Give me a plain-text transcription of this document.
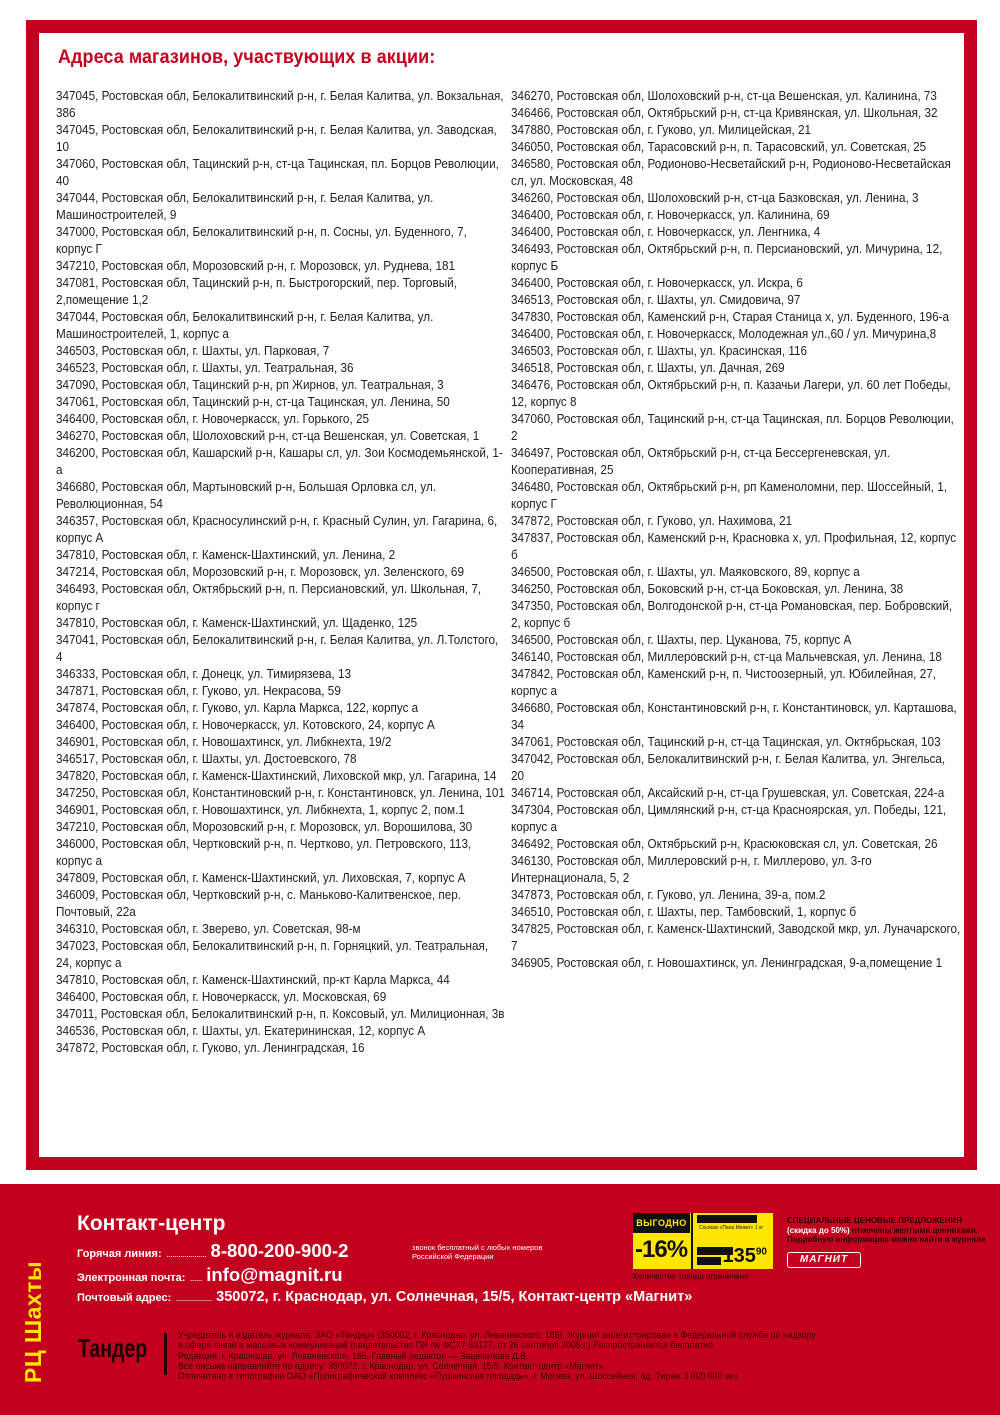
Адреса магазинов, участвующих в акции:
347045, Ростовская обл, Белокалитвинский р-н, г. Белая Калитва, ул. Вокзальная, 386
347045, Ростовская обл, Белокалитвинский р-н, г. Белая Калитва, ул. Заводская, 10
347060, Ростовская обл, Тацинский р-н, ст-ца Тацинская, пл. Борцов Революции, 40
347044, Ростовская обл, Белокалитвинский р-н, г. Белая Калитва, ул. Машиностроителей, 9
347000, Ростовская обл, Белокалитвинский р-н, п. Сосны, ул. Буденного, 7, корпус Г
347210, Ростовская обл, Морозовский р-н, г. Морозовск, ул. Руднева, 181
347081, Ростовская обл, Тацинский р-н, п. Быстрогорский, пер. Торговый, 2,помещение 1,2
347044, Ростовская обл, Белокалитвинский р-н, г. Белая Калитва, ул. Машиностроителей, 1, корпус а
346503, Ростовская обл, г. Шахты, ул. Парковая, 7
346523, Ростовская обл, г. Шахты, ул. Театральная, 36
347090, Ростовская обл, Тацинский р-н, рп Жирнов, ул. Театральная, 3
347061, Ростовская обл, Тацинский р-н, ст-ца Тацинская, ул. Ленина, 50
346400, Ростовская обл, г. Новочеркасск, ул. Горького, 25
346270, Ростовская обл, Шолоховский р-н, ст-ца Вешенская, ул. Советская, 1
346200, Ростовская обл, Кашарский р-н, Кашары сл, ул. Зои Космодемьянской, 1-а
346680, Ростовская обл, Мартыновский р-н, Большая Орловка сл, ул. Революционная, 54
346357, Ростовская обл, Красносулинский р-н, г. Красный Сулин, ул. Гагарина, 6, корпус А
347810, Ростовская обл, г. Каменск-Шахтинский, ул. Ленина, 2
347214, Ростовская обл, Морозовский р-н, г. Морозовск, ул. Зеленского, 69
346493, Ростовская обл, Октябрьский р-н, п. Персиановский, ул. Школьная, 7, корпус г
347810, Ростовская обл, г. Каменск-Шахтинский, ул. Щаденко, 125
347041, Ростовская обл, Белокалитвинский р-н, г. Белая Калитва, ул. Л.Толстого, 4
346333, Ростовская обл, г. Донецк, ул. Тимирязева, 13
347871, Ростовская обл, г. Гуково, ул. Некрасова, 59
347874, Ростовская обл, г. Гуково, ул. Карла Маркса, 122, корпус а
346400, Ростовская обл, г. Новочеркасск, ул. Котовского, 24, корпус А
346901, Ростовская обл, г. Новошахтинск, ул. Либкнехта, 19/2
346517, Ростовская обл, г. Шахты, ул. Достоевского, 78
347820, Ростовская обл, г. Каменск-Шахтинский, Лиховской мкр, ул. Гагарина, 14
347250, Ростовская обл, Константиновский р-н, г. Константиновск, ул. Ленина, 101
346901, Ростовская обл, г. Новошахтинск, ул. Либкнехта, 1, корпус 2, пом.1
347210, Ростовская обл, Морозовский р-н, г. Морозовск, ул. Ворошилова, 30
346000, Ростовская обл, Чертковский р-н, п. Чертково, ул. Петровского, 113, корпус а
347809, Ростовская обл, г. Каменск-Шахтинский, ул. Лиховская, 7, корпус А
346009, Ростовская обл, Чертковский р-н, с. Маньково-Калитвенское, пер. Почтовый, 22а
346310, Ростовская обл, г. Зверево, ул. Советская, 98-м
347023, Ростовская обл, Белокалитвинский р-н, п. Горняцкий, ул. Театральная, 24, корпус а
347810, Ростовская обл, г. Каменск-Шахтинский, пр-кт Карла Маркса, 44
346400, Ростовская обл, г. Новочеркасск, ул. Московская, 69
347011, Ростовская обл, Белокалитвинский р-н, п. Коксовый, ул. Милиционная, 3в
346536, Ростовская обл, г. Шахты, ул. Екатерининская, 12, корпус А
347872, Ростовская обл, г. Гуково, ул. Ленинградская, 16
346270, Ростовская обл, Шолоховский р-н, ст-ца Вешенская, ул. Калинина, 73
346466, Ростовская обл, Октябрьский р-н, ст-ца Кривянская, ул. Школьная, 32
347880, Ростовская обл, г. Гуково, ул. Милицейская, 21
346050, Ростовская обл, Тарасовский р-н, п. Тарасовский, ул. Советская, 25
346580, Ростовская обл, Родионово-Несветайский р-н, Родионово-Несветайская сл, ул. Московская, 48
346260, Ростовская обл, Шолоховский р-н, ст-ца Базковская, ул. Ленина, 3
346400, Ростовская обл, г. Новочеркасск, ул. Калинина, 69
346400, Ростовская обл, г. Новочеркасск, ул. Ленгника, 4
346493, Ростовская обл, Октябрьский р-н, п. Персиановский, ул. Мичурина, 12, корпус Б
346400, Ростовская обл, г. Новочеркасск, ул. Искра, 6
346513, Ростовская обл, г. Шахты, ул. Смидовича, 97
347830, Ростовская обл, Каменский р-н, Старая Станица х, ул. Буденного, 196-а
346400, Ростовская обл, г. Новочеркасск, Молодежная ул.,60 / ул. Мичурина,8
346503, Ростовская обл, г. Шахты, ул. Красинская, 116
346518, Ростовская обл, г. Шахты, ул. Дачная, 269
346476, Ростовская обл, Октябрьский р-н, п. Казачьи Лагери, ул. 60 лет Победы, 12, корпус 8
347060, Ростовская обл, Тацинский р-н, ст-ца Тацинская, пл. Борцов Революции, 2
346497, Ростовская обл, Октябрьский р-н, ст-ца Бессергеневская, ул. Кооперативная, 25
346480, Ростовская обл, Октябрьский р-н, рп Каменоломни, пер. Шоссейный, 1, корпус Г
347872, Ростовская обл, г. Гуково, ул. Нахимова, 21
347837, Ростовская обл, Каменский р-н, Красновка х, ул. Профильная, 12, корпус б
346500, Ростовская обл, г. Шахты, ул. Маяковского, 89, корпус а
346250, Ростовская обл, Боковский р-н, ст-ца Боковская, ул. Ленина, 38
347350, Ростовская обл, Волгодонской р-н, ст-ца Романовская, пер. Бобровский, 2, корпус б
346500, Ростовская обл, г. Шахты, пер. Цуканова, 75, корпус А
346140, Ростовская обл, Миллеровский р-н, ст-ца Мальчевская, ул. Ленина, 18
347842, Ростовская обл, Каменский р-н, п. Чистоозерный, ул. Юбилейная, 27, корпус а
346680, Ростовская обл, Константиновский р-н, г. Константиновск, ул. Карташова, 34
347061, Ростовская обл, Тацинский р-н, ст-ца Тацинская, ул. Октябрьская, 103
347042, Ростовская обл, Белокалитвинский р-н, г. Белая Калитва, ул. Энгельса, 20
346714, Ростовская обл, Аксайский р-н, ст-ца Грушевская, ул. Советская, 224-а
347304, Ростовская обл, Цимлянский р-н, ст-ца Красноярская, ул. Победы, 121, корпус а
346492, Ростовская обл, Октябрьский р-н, Красюковская сл, ул. Советская, 26
346130, Ростовская обл, Миллеровский р-н, г. Миллерово, ул. 3-го Интернационала, 5, 2
347873, Ростовская обл, г. Гуково, ул. Ленина, 39-а, пом.2
346510, Ростовская обл, г. Шахты, пер. Тамбовский, 1, корпус б
347825, Ростовская обл, г. Каменск-Шахтинский, Заводской мкр, ул. Луначарского, 7
346905, Ростовская обл, г. Новошахтинск, ул. Ленинградская, 9-а,помещение 1
РЦ Шахты
Контакт-центр
Горячая линия: .................... 8-800-200-900-2	звонок бесплатный с любых номеров Российской Федерации
Электронная почта: ...... info@magnit.ru
Почтовый адрес: .................. 350072, г. Краснодар, ул. Солнечная, 15/5, Контакт-центр «Магнит»
ВЫГОДНО
-16%
Сосиски «Папа Может» 1 кг
$135^{90}$
Количество товара ограничено
СПЕЦИАЛЬНЫЕ ЦЕНОВЫЕ ПРЕДЛОЖЕНИЯ
(скидка до 50%) отмечены желтыми ценниками. Подробную информацию можно найти в журнале
МАГНИТ
Тандер	Учредитель и издатель журнала: ЗАО «Тандер» (350002, г. Краснодар, ул. Леваневского, 185). Журнал зарегистрирован в Федеральной службе по надзору
в сфере связи и массовых коммуникаций (свидетельство ПИ № ФС77-33177, от 26 сентября 2008 г.) Распространяется бесплатно.
Редакция: г. Краснодар, ул. Леваневского, 185. Главный редактор — Зацепилова Д.В.
Все письма направляйте по адресу: 350072, г. Краснодар, ул. Солнечная, 15/5. Контакт-центр «Магнит».
Отпечатано в типографии ОАО «Полиграфический комплекс «Пушкинская площадь», г. Москва, ул. Шоссейная, 4д. Тираж 3 000 000 экз.
